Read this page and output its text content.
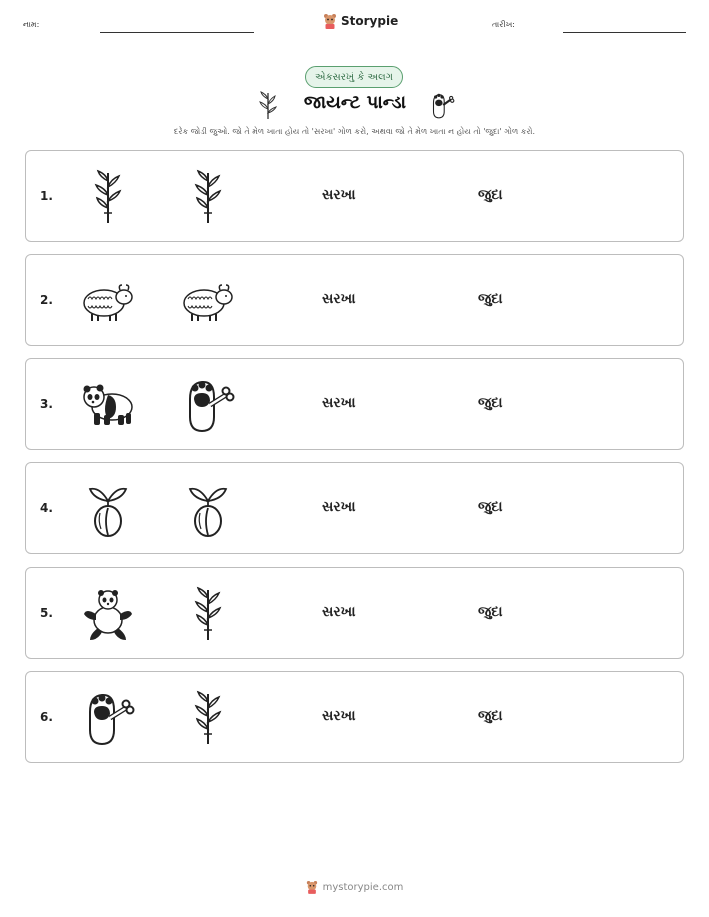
નામ:	Storypie	તારીખ:
એકસરખું કે અલગ
જાયન્ટ પાન્ડા
દરેક જોડી જુઓ. જો તે મેળ ખાતા હોય તો 'સરખા' ગોળ કરો, અથવા જો તે મેળ ખાતા ન હોય તો 'જુદા' ગોળ કરો.
1.	સરખા	જુદા
2.	સરખા	જુદા
3.	સરખા	જુદા
4.	સરખા	જુદા
5.	સરખા	જુદા
6.	સરખા	જુદા
mystorypie.com
